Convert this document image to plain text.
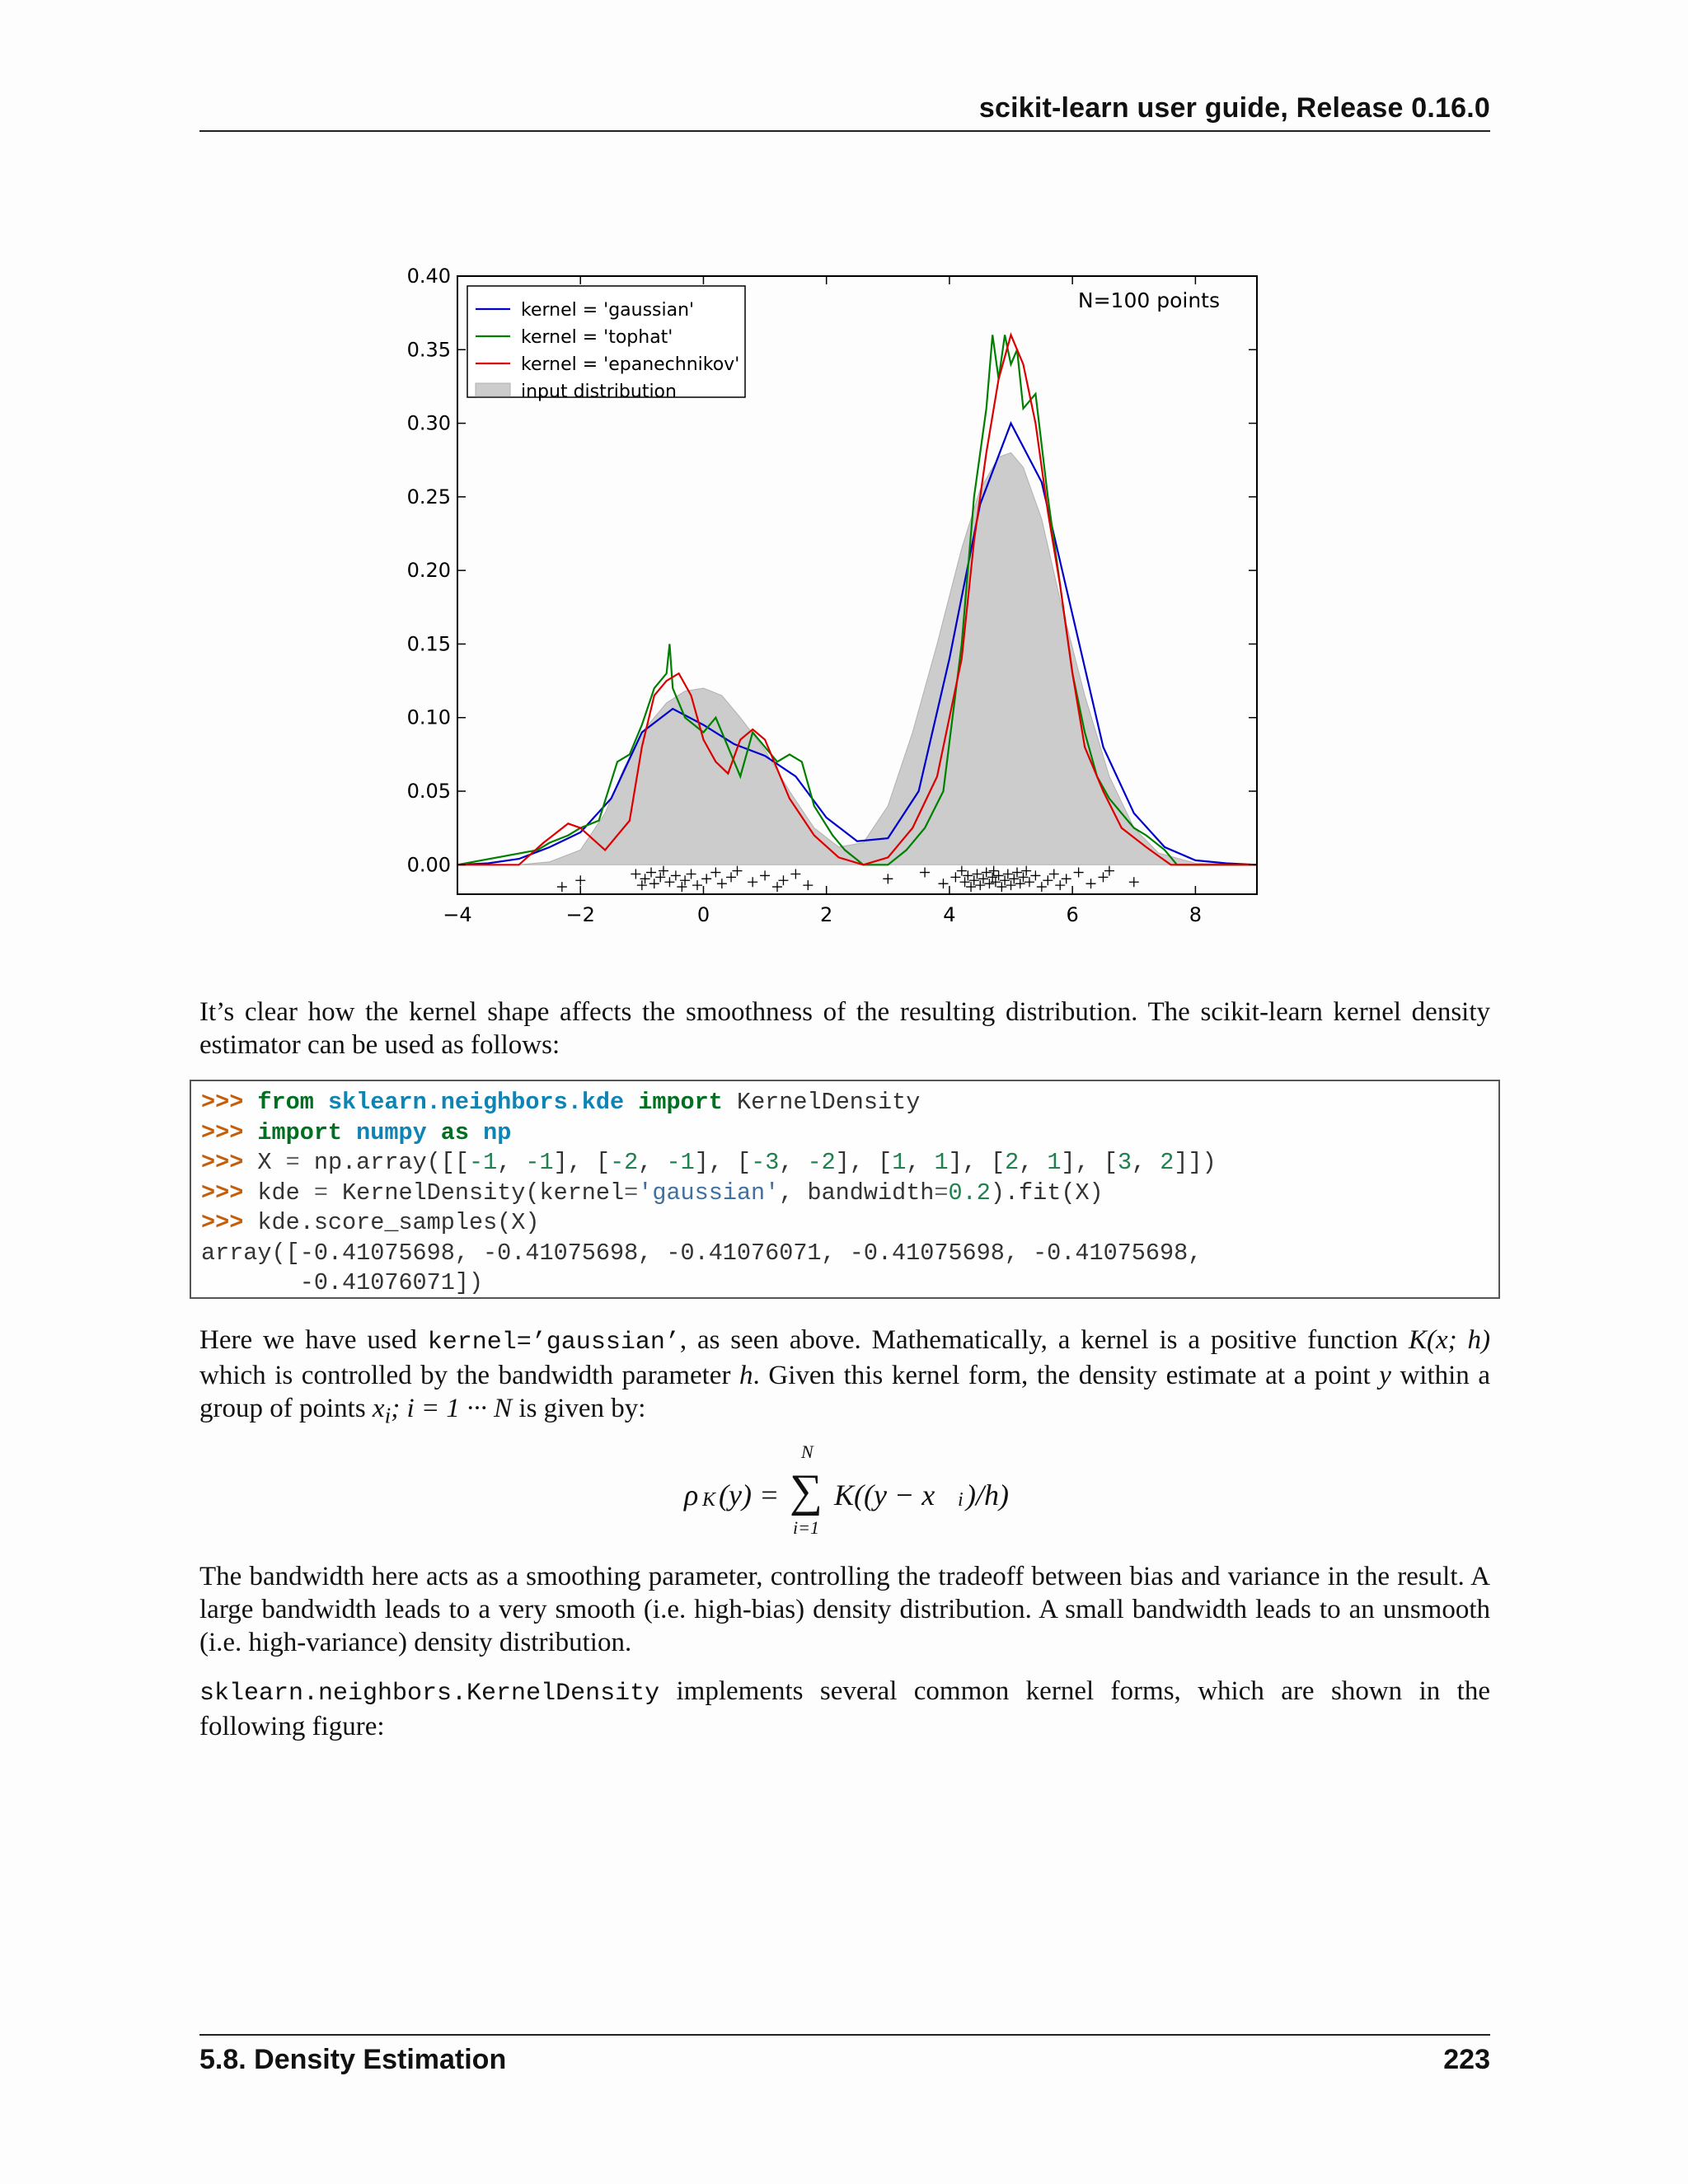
scikit-learn user guide, Release 0.16.0
−4	−2	0	2	4	6	8
0.00
0.05
0.10
0.15
0.20
0.25
0.30
0.35
0.40
kernel = 'gaussian'
kernel = 'tophat'
kernel = 'epanechnikov'
input distribution
N=100 points

It’s clear how the kernel shape affects the smoothness of the resulting distribution. The scikit-learn kernel density estimator can be used as follows:

>>> from sklearn.neighbors.kde import KernelDensity
>>> import numpy as np
>>> X = np.array([[-1, -1], [-2, -1], [-3, -2], [1, 1], [2, 1], [3, 2]])
>>> kde = KernelDensity(kernel='gaussian', bandwidth=0.2).fit(X)
>>> kde.score_samples(X)
array([-0.41075698, -0.41075698, -0.41076071, -0.41075698, -0.41075698,
-0.41076071])

Here we have used kernel=’gaussian’, as seen above. Mathematically, a kernel is a positive function K(x; h) which is controlled by the bandwidth parameter h. Given this kernel form, the density estimate at a point y within a group of points $x_i$; i = 1 ··· N is given by:

ρ K (y) = ∑
N
i=1
K((y − x i )/h)

The bandwidth here acts as a smoothing parameter, controlling the tradeoff between bias and variance in the result. A large bandwidth leads to a very smooth (i.e. high-bias) density distribution. A small bandwidth leads to an unsmooth (i.e. high-variance) density distribution.

sklearn.neighbors.KernelDensity implements several common kernel forms, which are shown in the following figure:

5.8. Density Estimation	223
